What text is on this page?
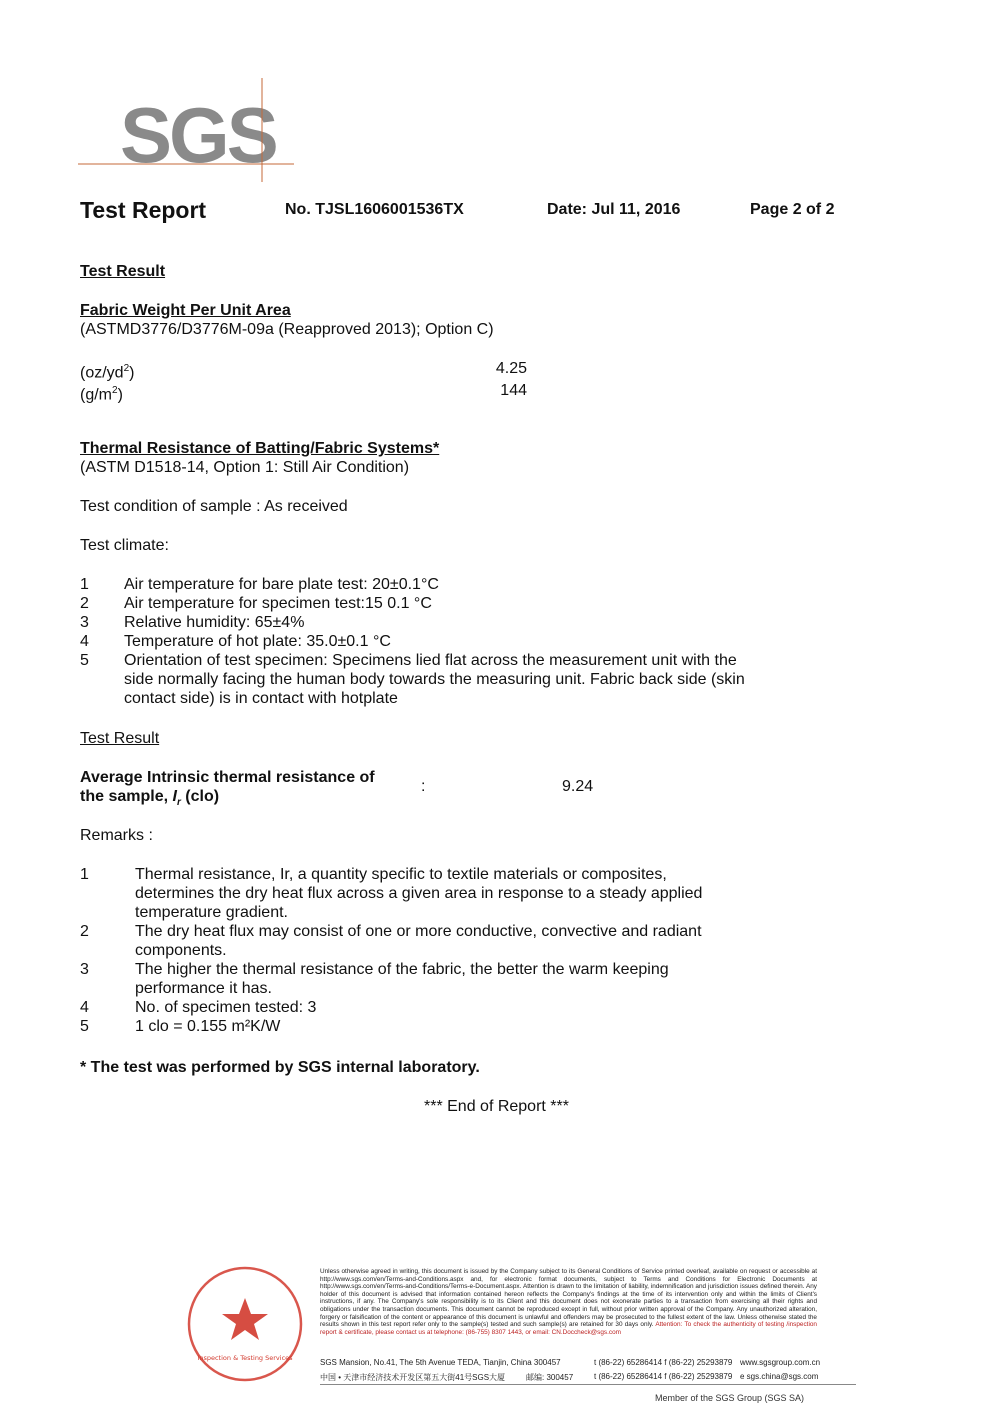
SGS
Test Report	No. TJSL1606001536TX	Date: Jul 11, 2016	Page 2 of 2
Test Result
Fabric Weight Per Unit Area
(ASTMD3776/D3776M-09a (Reapproved 2013); Option C)
$(oz/yd^2)$	4.25
$(g/m^2)$	144
Thermal Resistance of Batting/Fabric Systems*
(ASTM D1518-14, Option 1: Still Air Condition)
Test condition of sample : As received
Test climate:
1 Air temperature for bare plate test: 20±0.1°C
2 Air temperature for specimen test:15 0.1 °C
3 Relative humidity: 65±4%
4 Temperature of hot plate: 35.0±0.1 °C
5 Orientation of test specimen: Specimens lied flat across the measurement unit with the side normally facing the human body towards the measuring unit. Fabric back side (skin contact side) is in contact with hotplate
Test Result
Average Intrinsic thermal resistance of
the sample, $I_r$ (clo)
:	9.24
Remarks :
1	Thermal resistance, Ir, a quantity specific to textile materials or composites, determines the dry heat flux across a given area in response to a steady applied temperature gradient.
2	The dry heat flux may consist of one or more conductive, convective and radiant components.
3	The higher the thermal resistance of the fabric, the better the warm keeping performance it has.
4	No. of specimen tested: 3
5	1 clo = 0.155 m²K/W
* The test was performed by SGS internal laboratory.
*** End of Report ***
Inspection & Testing Services
Unless otherwise agreed in writing, this document is issued by the Company subject to its General Conditions of Service printed overleaf, available on request or accessible at http://www.sgs.com/en/Terms-and-Conditions.aspx and, for electronic format documents, subject to Terms and Conditions for Electronic Documents at http://www.sgs.com/en/Terms-and-Conditions/Terms-e-Document.aspx. Attention is drawn to the limitation of liability, indemnification and jurisdiction issues defined therein. Any holder of this document is advised that information contained hereon reflects the Company's findings at the time of its intervention only and within the limits of Client's instructions, if any. The Company's sole responsibility is to its Client and this document does not exonerate parties to a transaction from exercising all their rights and obligations under the transaction documents. This document cannot be reproduced except in full, without prior written approval of the Company. Any unauthorized alteration, forgery or falsification of the content or appearance of this document is unlawful and offenders may be prosecuted to the fullest extent of the law. Unless otherwise stated the results shown in this test report refer only to the sample(s) tested and such sample(s) are retained for 30 days only. Attention: To check the authenticity of testing /inspection report & certificate, please contact us at telephone: (86-755) 8307 1443, or email: CN.Doccheck@sgs.com
SGS Mansion, No.41, The 5th Avenue TEDA, Tianjin, China 300457	t (86-22) 65286414 f (86-22) 25293879 www.sgsgroup.com.cn
中国 • 天津市经济技术开发区第五大街41号SGS大厦	邮编: 300457	t (86-22) 65286414 f (86-22) 25293879 e sgs.china@sgs.com
Member of the SGS Group (SGS SA)
